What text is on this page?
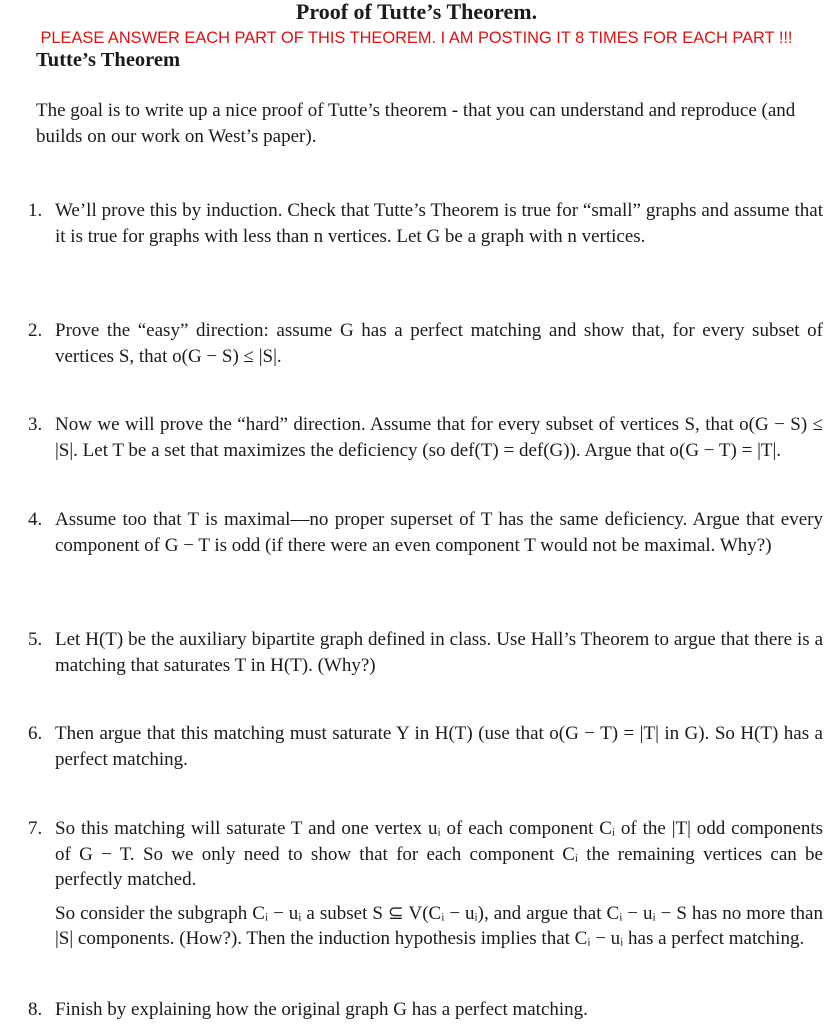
Proof of Tutte’s Theorem.
PLEASE ANSWER EACH PART OF THIS THEOREM. I AM POSTING IT 8 TIMES FOR EACH PART !!!
Tutte’s Theorem
The goal is to write up a nice proof of Tutte’s theorem - that you can understand and reproduce (and builds on our work on West’s paper).
1. We’ll prove this by induction. Check that Tutte’s Theorem is true for “small” graphs and assume that it is true for graphs with less than n vertices. Let G be a graph with n vertices.
2. Prove the “easy” direction: assume G has a perfect matching and show that, for every subset of vertices S, that o(G − S) ≤ |S|.
3. Now we will prove the “hard” direction. Assume that for every subset of vertices S, that o(G − S) ≤ |S|. Let T be a set that maximizes the deficiency (so def(T) = def(G)). Argue that o(G − T) = |T|.
4. Assume too that T is maximal—no proper superset of T has the same deficiency. Argue that every component of G − T is odd (if there were an even component T would not be maximal. Why?)
5. Let H(T) be the auxiliary bipartite graph defined in class. Use Hall’s Theorem to argue that there is a matching that saturates T in H(T). (Why?)
6. Then argue that this matching must saturate Y in H(T) (use that o(G − T) = |T| in G). So H(T) has a perfect matching.
7. So this matching will saturate T and one vertex uᵢ of each component Cᵢ of the |T| odd components of G − T. So we only need to show that for each component Cᵢ the remaining vertices can be perfectly matched.
So consider the subgraph Cᵢ − uᵢ a subset S ⊆ V(Cᵢ − uᵢ), and argue that Cᵢ − uᵢ − S has no more than |S| components. (How?). Then the induction hypothesis implies that Cᵢ − uᵢ has a perfect matching.
8. Finish by explaining how the original graph G has a perfect matching.
